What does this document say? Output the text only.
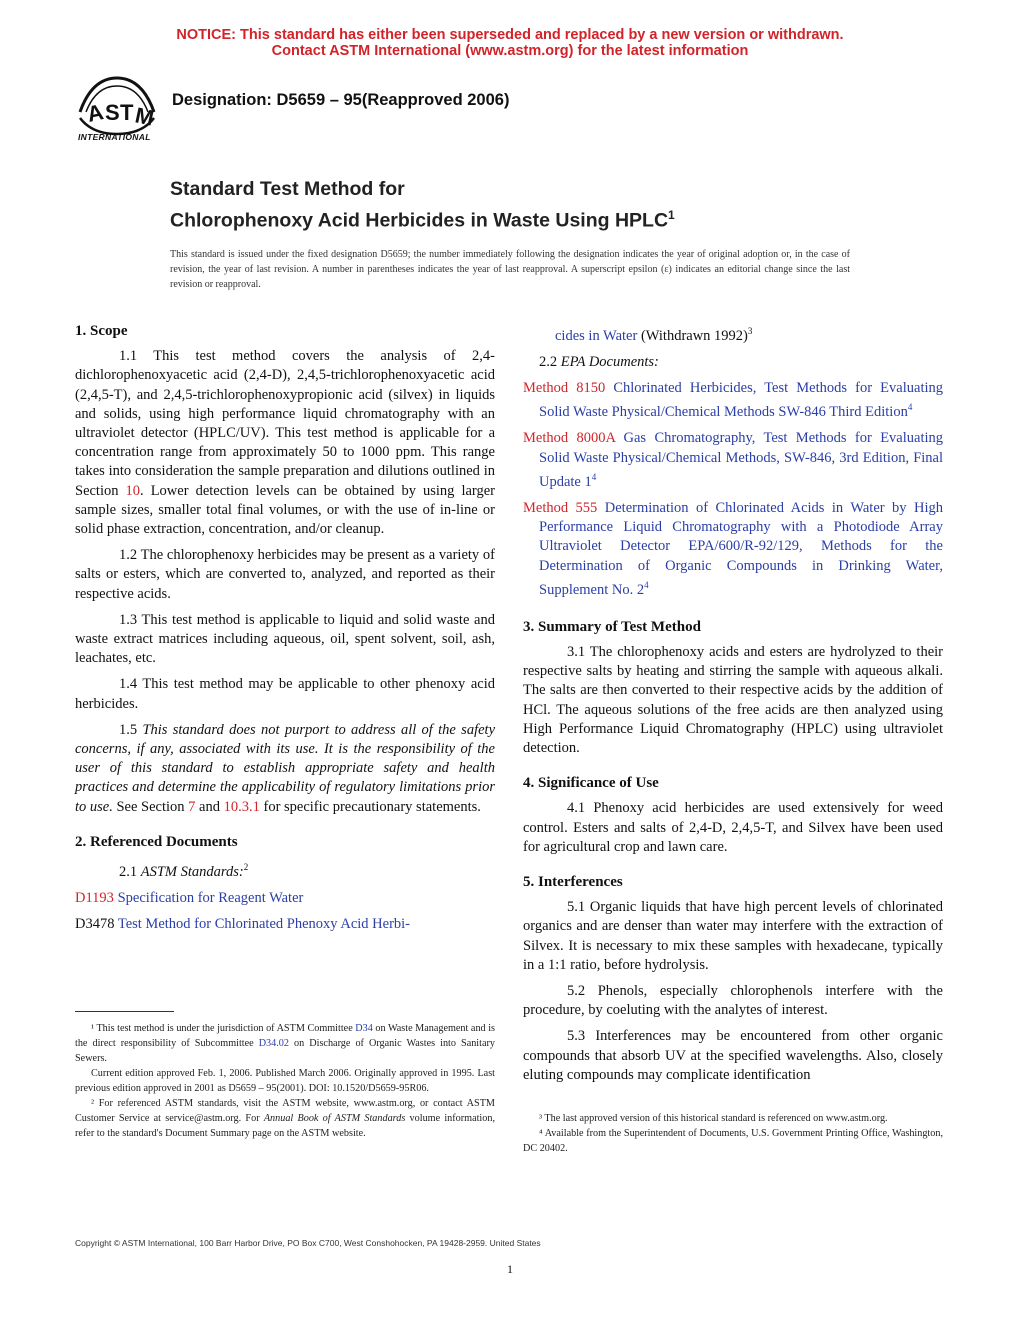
NOTICE: This standard has either been superseded and replaced by a new version or withdrawn.
Contact ASTM International (www.astm.org) for the latest information
A S T M
INTERNATIONAL
Designation: D5659 – 95(Reapproved 2006)
Standard Test Method for
Chlorophenoxy Acid Herbicides in Waste Using HPLC$^1$
This standard is issued under the fixed designation D5659; the number immediately following the designation indicates the year of original adoption or, in the case of revision, the year of last revision. A number in parentheses indicates the year of last reapproval. A superscript epsilon (ε) indicates an editorial change since the last revision or reapproval.
1. Scope

1.1 This test method covers the analysis of 2,4-dichlorophenoxyacetic acid (2,4-D), 2,4,5-trichlorophenoxyacetic acid (2,4,5-T), and 2,4,5-trichlorophenoxypropionic acid (silvex) in liquids and solids, using high performance liquid chromatography with an ultraviolet detector (HPLC/UV). This test method is applicable for a concentration range from approximately 50 to 1000 ppm. This range takes into consideration the sample preparation and dilutions outlined in Section 10. Lower detection levels can be obtained by using larger sample sizes, smaller total final volumes, or with the use of in-line or solid phase extraction, concentration, and/or cleanup.

1.2 The chlorophenoxy herbicides may be present as a variety of salts or esters, which are converted to, analyzed, and reported as their respective acids.

1.3 This test method is applicable to liquid and solid waste and waste extract matrices including aqueous, oil, spent solvent, soil, ash, leachates, etc.

1.4 This test method may be applicable to other phenoxy acid herbicides.

1.5 This standard does not purport to address all of the safety concerns, if any, associated with its use. It is the responsibility of the user of this standard to establish appropriate safety and health practices and determine the applicability of regulatory limitations prior to use. See Section 7 and 10.3.1 for specific precautionary statements.

2. Referenced Documents

2.1 ASTM Standards:$^2$

D1193 Specification for Reagent Water

D3478 Test Method for Chlorinated Phenoxy Acid Herbi-

cides in Water (Withdrawn 1992)$^3$

2.2 EPA Documents:

Method 8150 Chlorinated Herbicides, Test Methods for Evaluating Solid Waste Physical/Chemical Methods SW-846 Third Edition$^4$

Method 8000A Gas Chromatography, Test Methods for Evaluating Solid Waste Physical/Chemical Methods, SW-846, 3rd Edition, Final Update $1^4$

Method 555 Determination of Chlorinated Acids in Water by High Performance Liquid Chromatography with a Photodiode Array Ultraviolet Detector EPA/600/R-92/129, Methods for the Determination of Organic Compounds in Drinking Water, Supplement No. $2^4$

3. Summary of Test Method

3.1 The chlorophenoxy acids and esters are hydrolyzed to their respective salts by heating and stirring the sample with aqueous alkali. The salts are then converted to their respective acids by the addition of HCl. The aqueous solutions of the free acids are then analyzed using High Performance Liquid Chromatography (HPLC) using ultraviolet detection.

4. Significance of Use

4.1 Phenoxy acid herbicides are used extensively for weed control. Esters and salts of 2,4-D, 2,4,5-T, and Silvex have been used for agricultural crop and lawn care.

5. Interferences

5.1 Organic liquids that have high percent levels of chlorinated organics and are denser than water may interfere with the extraction of Silvex. It is necessary to mix these samples with hexadecane, typically in a 1:1 ratio, before hydrolysis.

5.2 Phenols, especially chlorophenols interfere with the procedure, by coeluting with the analytes of interest.

5.3 Interferences may be encountered from other organic compounds that absorb UV at the specified wavelengths. Also, closely eluting compounds may complicate identification

¹ This test method is under the jurisdiction of ASTM Committee D34 on Waste Management and is the direct responsibility of Subcommittee D34.02 on Discharge of Organic Wastes into Sanitary Sewers.

Current edition approved Feb. 1, 2006. Published March 2006. Originally approved in 1995. Last previous edition approved in 2001 as D5659 – 95(2001). DOI: 10.1520/D5659-95R06.

² For referenced ASTM standards, visit the ASTM website, www.astm.org, or contact ASTM Customer Service at service@astm.org. For Annual Book of ASTM Standards volume information, refer to the standard's Document Summary page on the ASTM website.

³ The last approved version of this historical standard is referenced on www.astm.org.

⁴ Available from the Superintendent of Documents, U.S. Government Printing Office, Washington, DC 20402.

Copyright © ASTM International, 100 Barr Harbor Drive, PO Box C700, West Conshohocken, PA 19428-2959. United States
1
